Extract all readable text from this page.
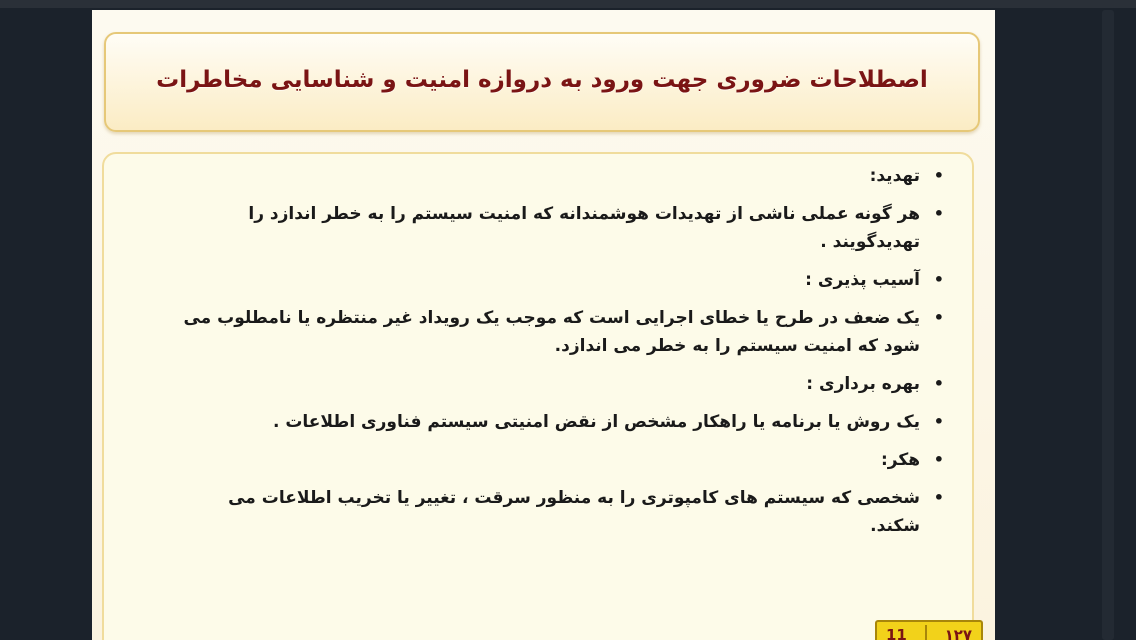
اصطلاحات ضروری جهت ورود به دروازه امنیت و شناسایی مخاطرات
• تهدید:
• هر گونه عملی ناشی از تهدیدات هوشمندانه که امنیت سیستم را به خطر اندازد را تهدیدگویند .
• آسیب پذیری :
• یک ضعف در طرح یا خطای اجرایی است که موجب یک رویداد غیر منتظره یا نامطلوب می شود که امنیت سیستم را به خطر می اندازد.
• بهره برداری :
• یک روش یا برنامه یا راهکار مشخص از نقض امنیتی سیستم فناوری اطلاعات .
• هکر:
• شخصی که سیستم های کامپوتری را به منظور سرقت ، تغییر یا تخریب اطلاعات می شکند.
11	۱۲۷
